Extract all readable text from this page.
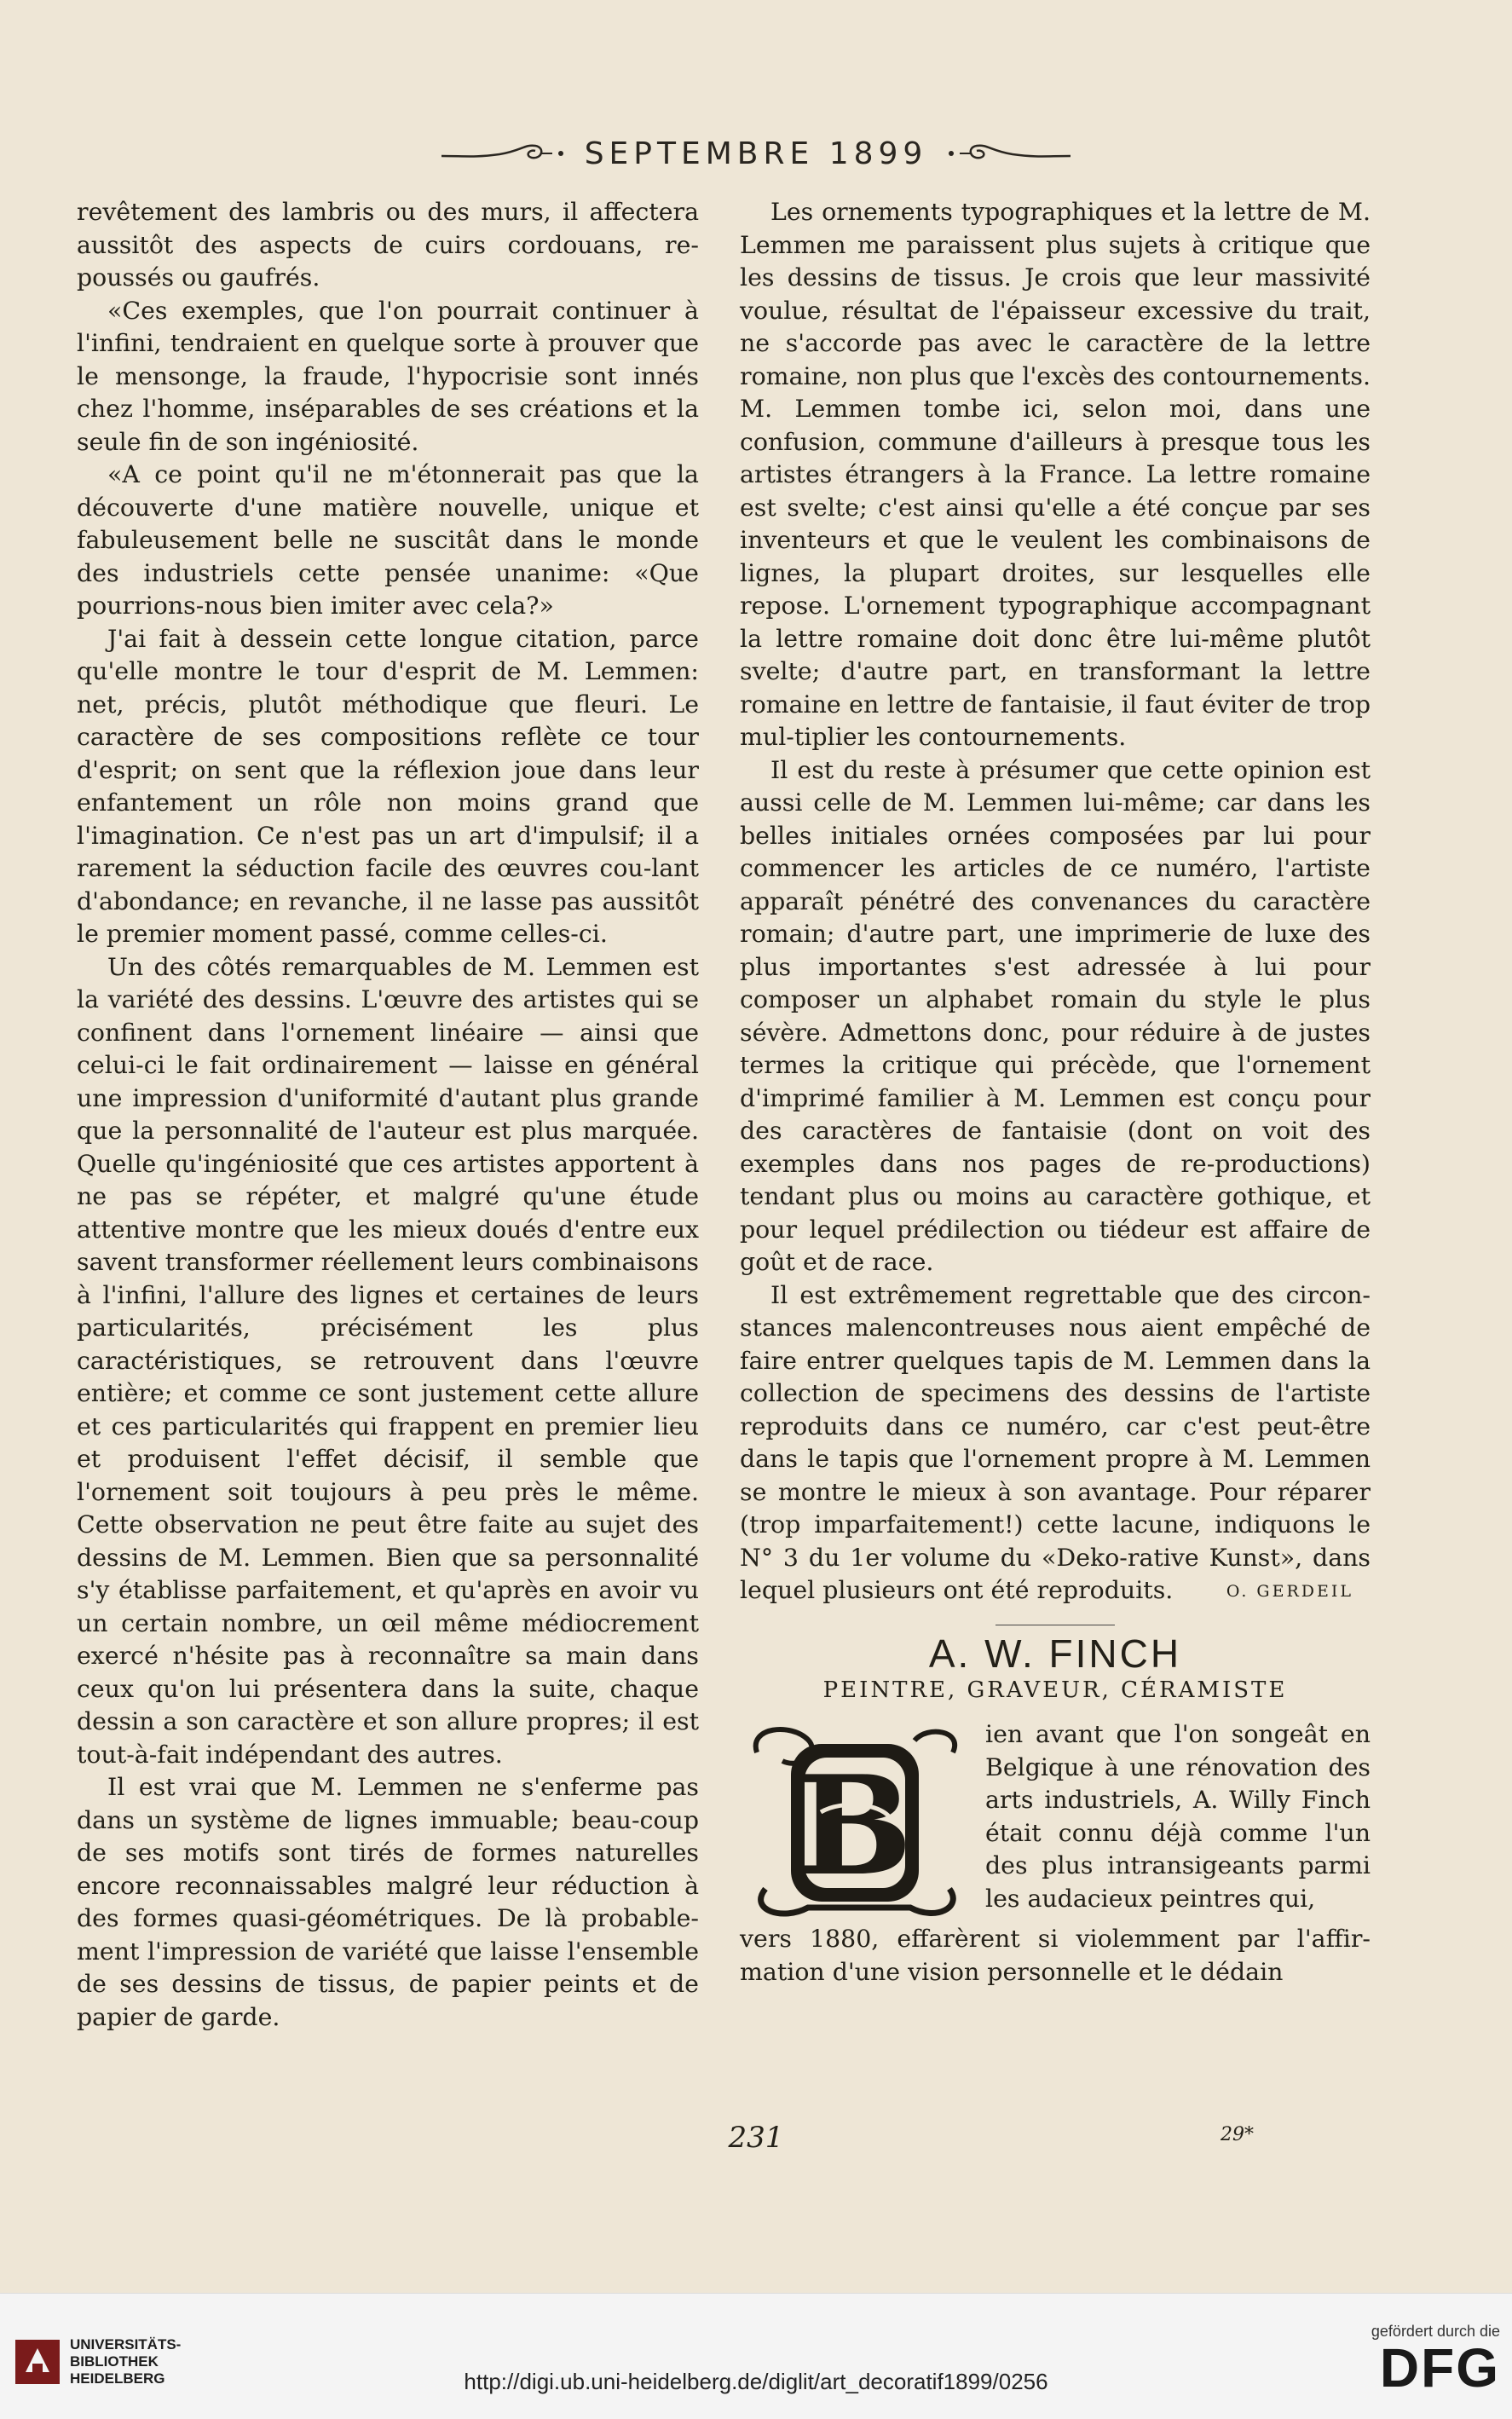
SEPTEMBRE 1899

revêtement des lambris ou des murs, il affectera aussitôt des aspects de cuirs cordouans, re-poussés ou gaufrés.

«Ces exemples, que l'on pourrait continuer à l'infini, tendraient en quelque sorte à prouver que le mensonge, la fraude, l'hypocrisie sont innés chez l'homme, inséparables de ses créations et la seule fin de son ingéniosité.

«A ce point qu'il ne m'étonnerait pas que la découverte d'une matière nouvelle, unique et fabuleusement belle ne suscitât dans le monde des industriels cette pensée unanime: «Que pourrions-nous bien imiter avec cela?»

J'ai fait à dessein cette longue citation, parce qu'elle montre le tour d'esprit de M. Lemmen: net, précis, plutôt méthodique que fleuri. Le caractère de ses compositions reflète ce tour d'esprit; on sent que la réflexion joue dans leur enfantement un rôle non moins grand que l'imagination. Ce n'est pas un art d'impulsif; il a rarement la séduction facile des œuvres cou-lant d'abondance; en revanche, il ne lasse pas aussitôt le premier moment passé, comme celles-ci.

Un des côtés remarquables de M. Lemmen est la variété des dessins. L'œuvre des artistes qui se confinent dans l'ornement linéaire — ainsi que celui-ci le fait ordinairement — laisse en général une impression d'uniformité d'autant plus grande que la personnalité de l'auteur est plus marquée. Quelle qu'ingéniosité que ces artistes apportent à ne pas se répéter, et malgré qu'une étude attentive montre que les mieux doués d'entre eux savent transformer réellement leurs combinaisons à l'infini, l'allure des lignes et certaines de leurs particularités, précisément les plus caractéristiques, se retrouvent dans l'œuvre entière; et comme ce sont justement cette allure et ces particularités qui frappent en premier lieu et produisent l'effet décisif, il semble que l'ornement soit toujours à peu près le même. Cette observation ne peut être faite au sujet des dessins de M. Lemmen. Bien que sa personnalité s'y établisse parfaitement, et qu'après en avoir vu un certain nombre, un œil même médiocrement exercé n'hésite pas à reconnaître sa main dans ceux qu'on lui présentera dans la suite, chaque dessin a son caractère et son allure propres; il est tout-à-fait indépendant des autres.

Il est vrai que M. Lemmen ne s'enferme pas dans un système de lignes immuable; beau-coup de ses motifs sont tirés de formes naturelles encore reconnaissables malgré leur réduction à des formes quasi-géométriques. De là probable-ment l'impression de variété que laisse l'ensemble de ses dessins de tissus, de papier peints et de papier de garde.

Les ornements typographiques et la lettre de M. Lemmen me paraissent plus sujets à critique que les dessins de tissus. Je crois que leur massivité voulue, résultat de l'épaisseur excessive du trait, ne s'accorde pas avec le caractère de la lettre romaine, non plus que l'excès des contournements. M. Lemmen tombe ici, selon moi, dans une confusion, commune d'ailleurs à presque tous les artistes étrangers à la France. La lettre romaine est svelte; c'est ainsi qu'elle a été conçue par ses inventeurs et que le veulent les combinaisons de lignes, la plupart droites, sur lesquelles elle repose. L'ornement typographique accompagnant la lettre romaine doit donc être lui-même plutôt svelte; d'autre part, en transformant la lettre romaine en lettre de fantaisie, il faut éviter de trop mul-tiplier les contournements.

Il est du reste à présumer que cette opinion est aussi celle de M. Lemmen lui-même; car dans les belles initiales ornées composées par lui pour commencer les articles de ce numéro, l'artiste apparaît pénétré des convenances du caractère romain; d'autre part, une imprimerie de luxe des plus importantes s'est adressée à lui pour composer un alphabet romain du style le plus sévère. Admettons donc, pour réduire à de justes termes la critique qui précède, que l'ornement d'imprimé familier à M. Lemmen est conçu pour des caractères de fantaisie (dont on voit des exemples dans nos pages de re-productions) tendant plus ou moins au caractère gothique, et pour lequel prédilection ou tiédeur est affaire de goût et de race.

Il est extrêmement regrettable que des circon-stances malencontreuses nous aient empêché de faire entrer quelques tapis de M. Lemmen dans la collection de specimens des dessins de l'artiste reproduits dans ce numéro, car c'est peut-être dans le tapis que l'ornement propre à M. Lemmen se montre le mieux à son avantage. Pour réparer (trop imparfaitement!) cette lacune, indiquons le N° 3 du 1er volume du «Deko-rative Kunst», dans lequel plusieurs ont été reproduits.	O. GERDEIL
A. W. FINCH
PEINTRE, GRAVEUR, CÉRAMISTE
B
ien avant que l'on songeât en Belgique à une rénovation des arts industriels, A. Willy Finch était connu déjà comme l'un des plus intransigeants parmi les audacieux peintres qui,

vers 1880, effarèrent si violemment par l'affir-mation d'une vision personnelle et le dédain

231	29*
UNIVERSITÄTS-
BIBLIOTHEK
HEIDELBERG	http://digi.ub.uni-heidelberg.de/diglit/art_decoratif1899/0256
gefördert durch die
DFG
